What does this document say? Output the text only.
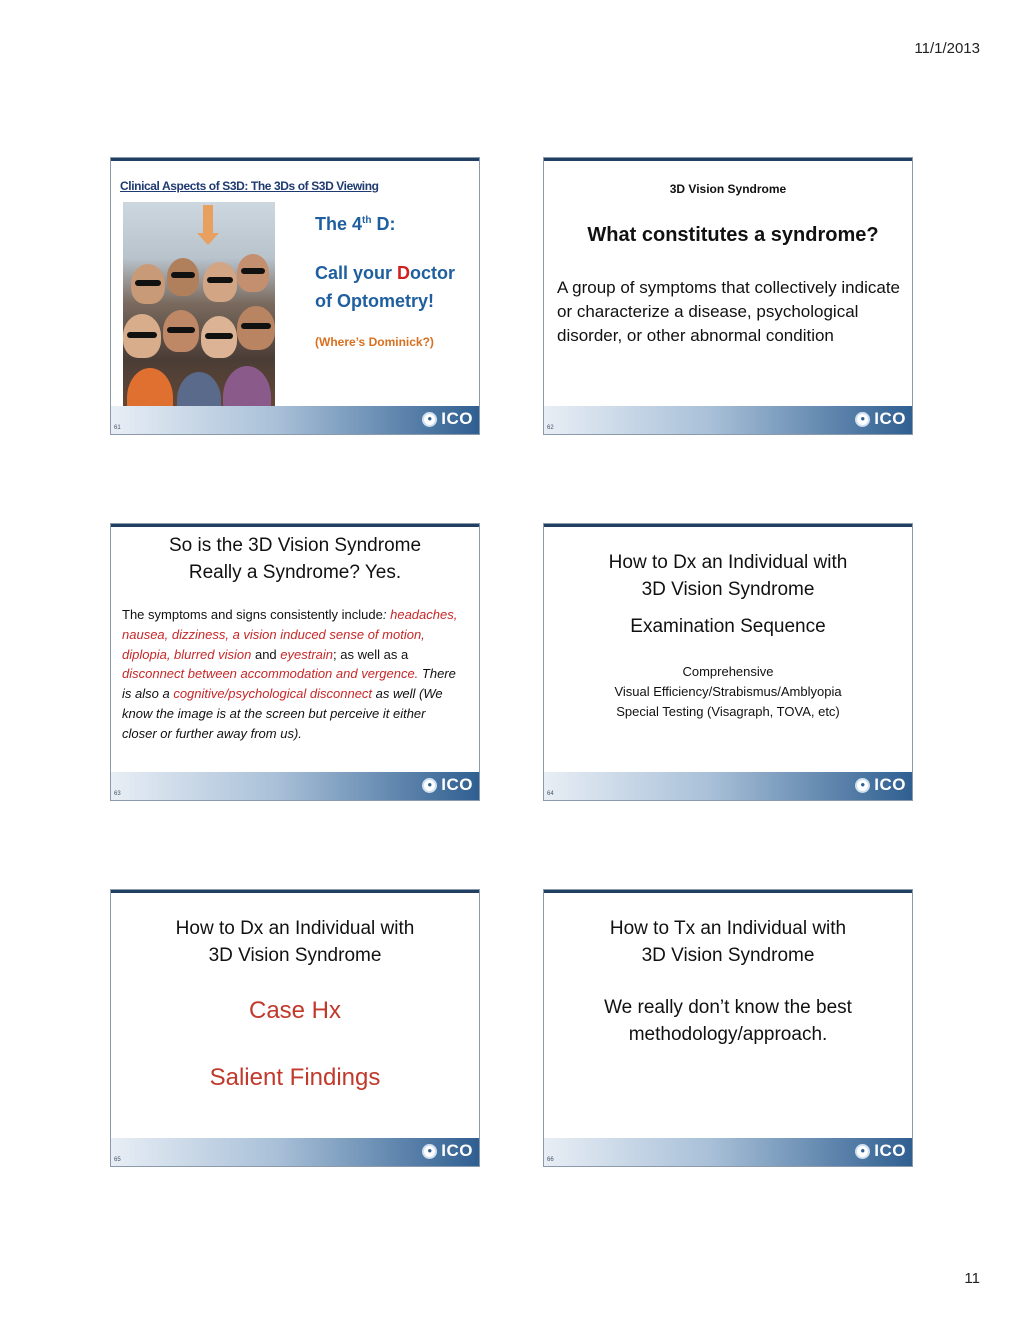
11/1/2013
Clinical Aspects of S3D: The 3Ds of S3D Viewing
The 4th D:
Call your Doctor of Optometry!
(Where’s Dominick?)
61
● ICO
3D Vision Syndrome
What constitutes a syndrome?
A group of symptoms that collectively indicate or characterize a disease, psychological disorder, or other abnormal condition
62
● ICO
So is the 3D Vision Syndrome
Really a Syndrome? Yes.
The symptoms and signs consistently include: headaches, nausea, dizziness, a vision induced sense of motion, diplopia, blurred vision and eyestrain; as well as a disconnect between accommodation and vergence. There is also a cognitive/psychological disconnect as well (We know the image is at the screen but perceive it either closer or further away from us).
63
● ICO
How to Dx an Individual with
3D Vision Syndrome
Examination Sequence
Comprehensive
Visual Efficiency/Strabismus/Amblyopia
Special Testing (Visagraph, TOVA, etc)
64
● ICO
How to Dx an Individual with
3D Vision Syndrome
Case Hx
Salient Findings
65
● ICO
How to Tx an Individual with
3D Vision Syndrome
We really don’t know the best
methodology/approach.
66
● ICO
11
